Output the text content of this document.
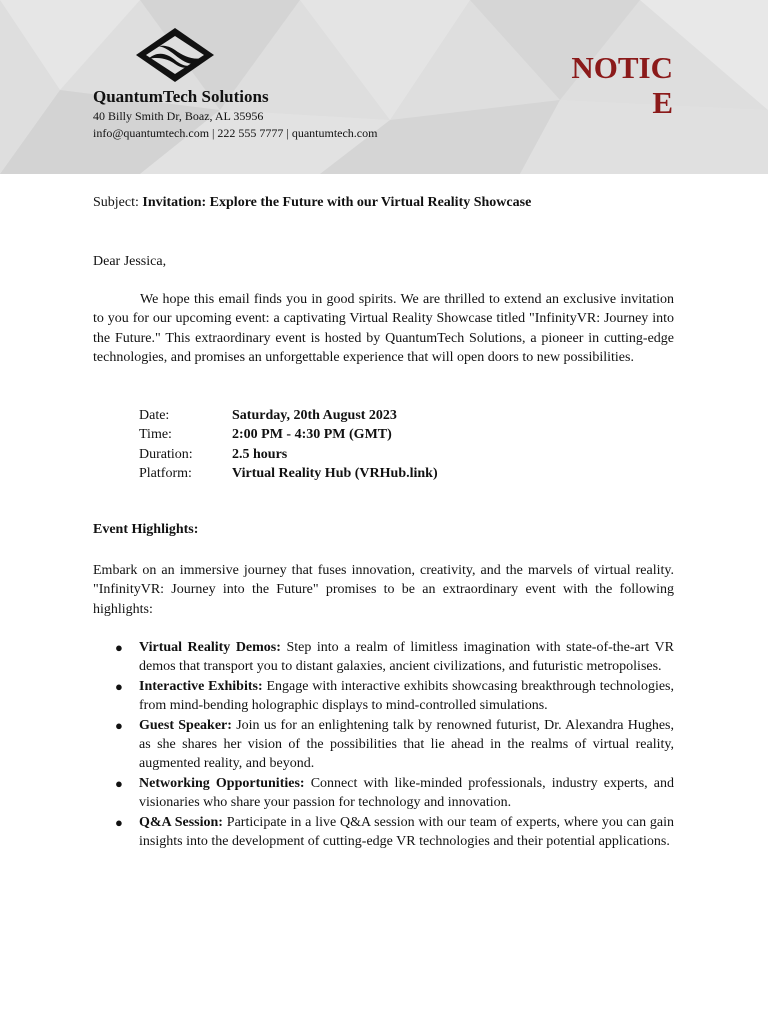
QuantumTech Solutions
40 Billy Smith Dr, Boaz, AL 35956
info@quantumtech.com | 222 555 7777 | quantumtech.com
NOTICE
Subject: Invitation: Explore the Future with our Virtual Reality Showcase
Dear Jessica,
We hope this email finds you in good spirits. We are thrilled to extend an exclusive invitation to you for our upcoming event: a captivating Virtual Reality Showcase titled "InfinityVR: Journey into the Future." This extraordinary event is hosted by QuantumTech Solutions, a pioneer in cutting-edge technologies, and promises an unforgettable experience that will open doors to new possibilities.
Date:	Saturday, 20th August 2023
Time:	2:00 PM - 4:30 PM (GMT)
Duration:	2.5 hours
Platform:	Virtual Reality Hub (VRHub.link)
Event Highlights:
Embark on an immersive journey that fuses innovation, creativity, and the marvels of virtual reality. "InfinityVR: Journey into the Future" promises to be an extraordinary event with the following highlights:
● Virtual Reality Demos: Step into a realm of limitless imagination with state-of-the-art VR demos that transport you to distant galaxies, ancient civilizations, and futuristic metropolises.
● Interactive Exhibits: Engage with interactive exhibits showcasing breakthrough technologies, from mind-bending holographic displays to mind-controlled simulations.
● Guest Speaker: Join us for an enlightening talk by renowned futurist, Dr. Alexandra Hughes, as she shares her vision of the possibilities that lie ahead in the realms of virtual reality, augmented reality, and beyond.
● Networking Opportunities: Connect with like-minded professionals, industry experts, and visionaries who share your passion for technology and innovation.
● Q&A Session: Participate in a live Q&A session with our team of experts, where you can gain insights into the development of cutting-edge VR technologies and their potential applications.
